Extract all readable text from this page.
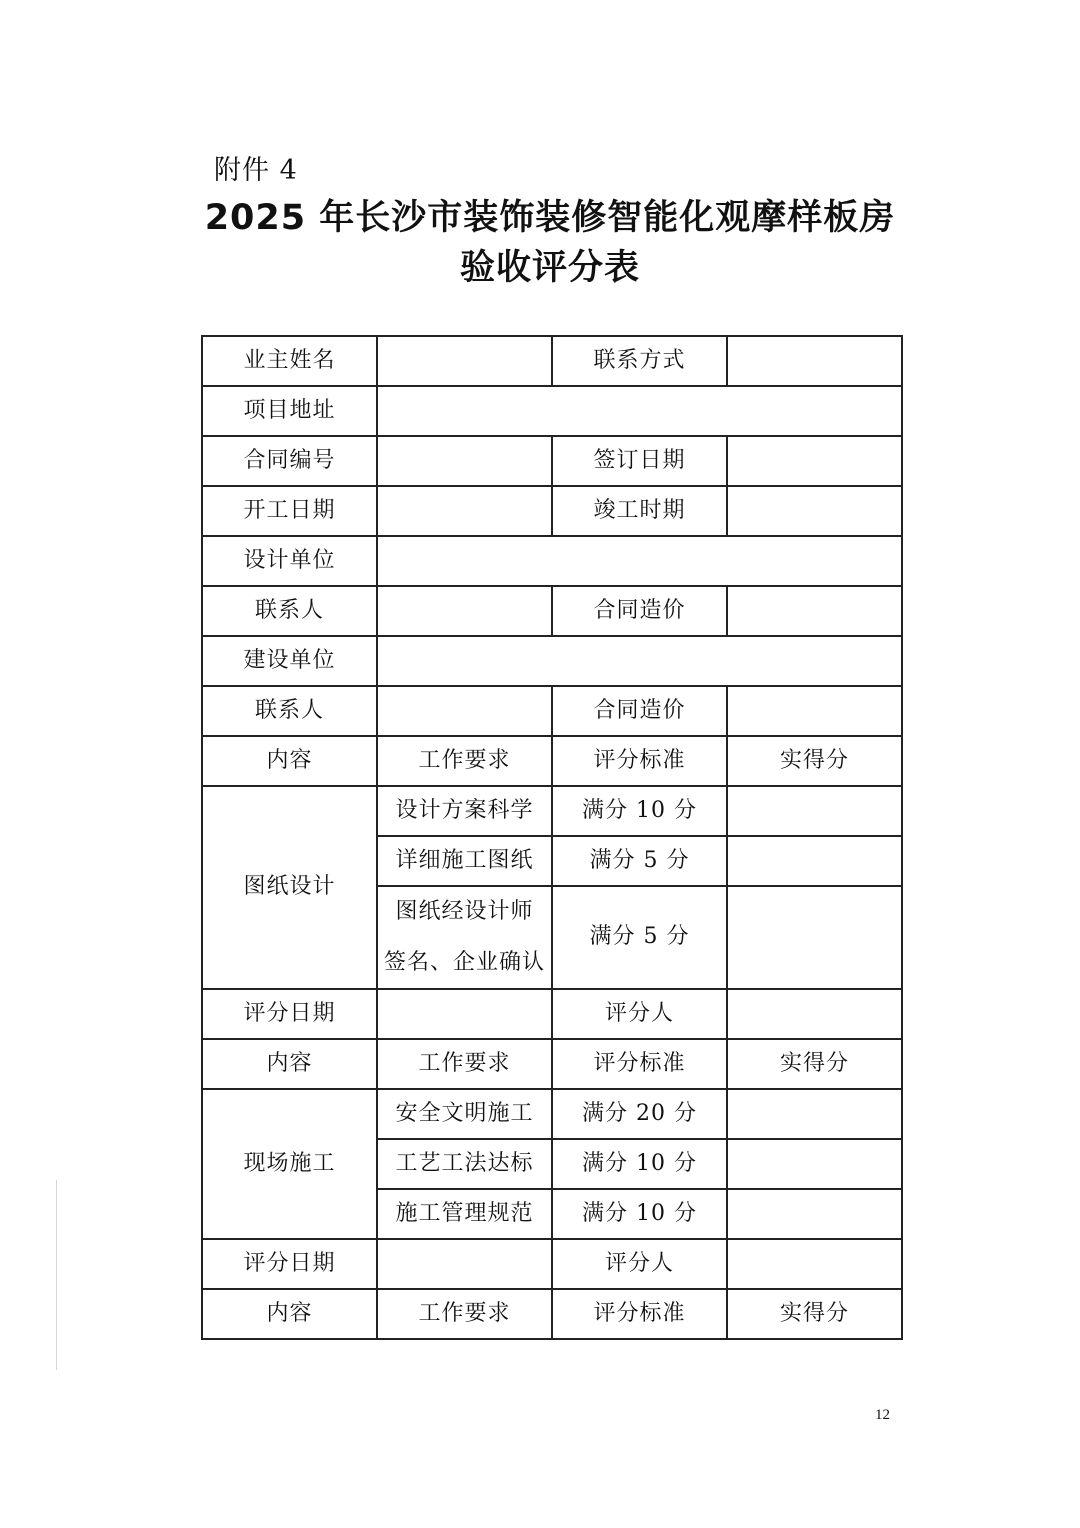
附件 4
2025 年长沙市装饰装修智能化观摩样板房
验收评分表
业主姓名		联系方式	
项目地址			
合同编号		签订日期	
开工日期		竣工时期	
设计单位			
联系人		合同造价	
建设单位			
联系人		合同造价	
内容	工作要求	评分标准	实得分
图纸设计	设计方案科学	满分 10 分	
	详细施工图纸	满分 5 分	
	图纸经设计师
签名、企业确认	满分 5 分	
评分日期		评分人	
内容	工作要求	评分标准	实得分
现场施工	安全文明施工	满分 20 分	
	工艺工法达标	满分 10 分	
	施工管理规范	满分 10 分	
评分日期		评分人	
内容	工作要求	评分标准	实得分
12
